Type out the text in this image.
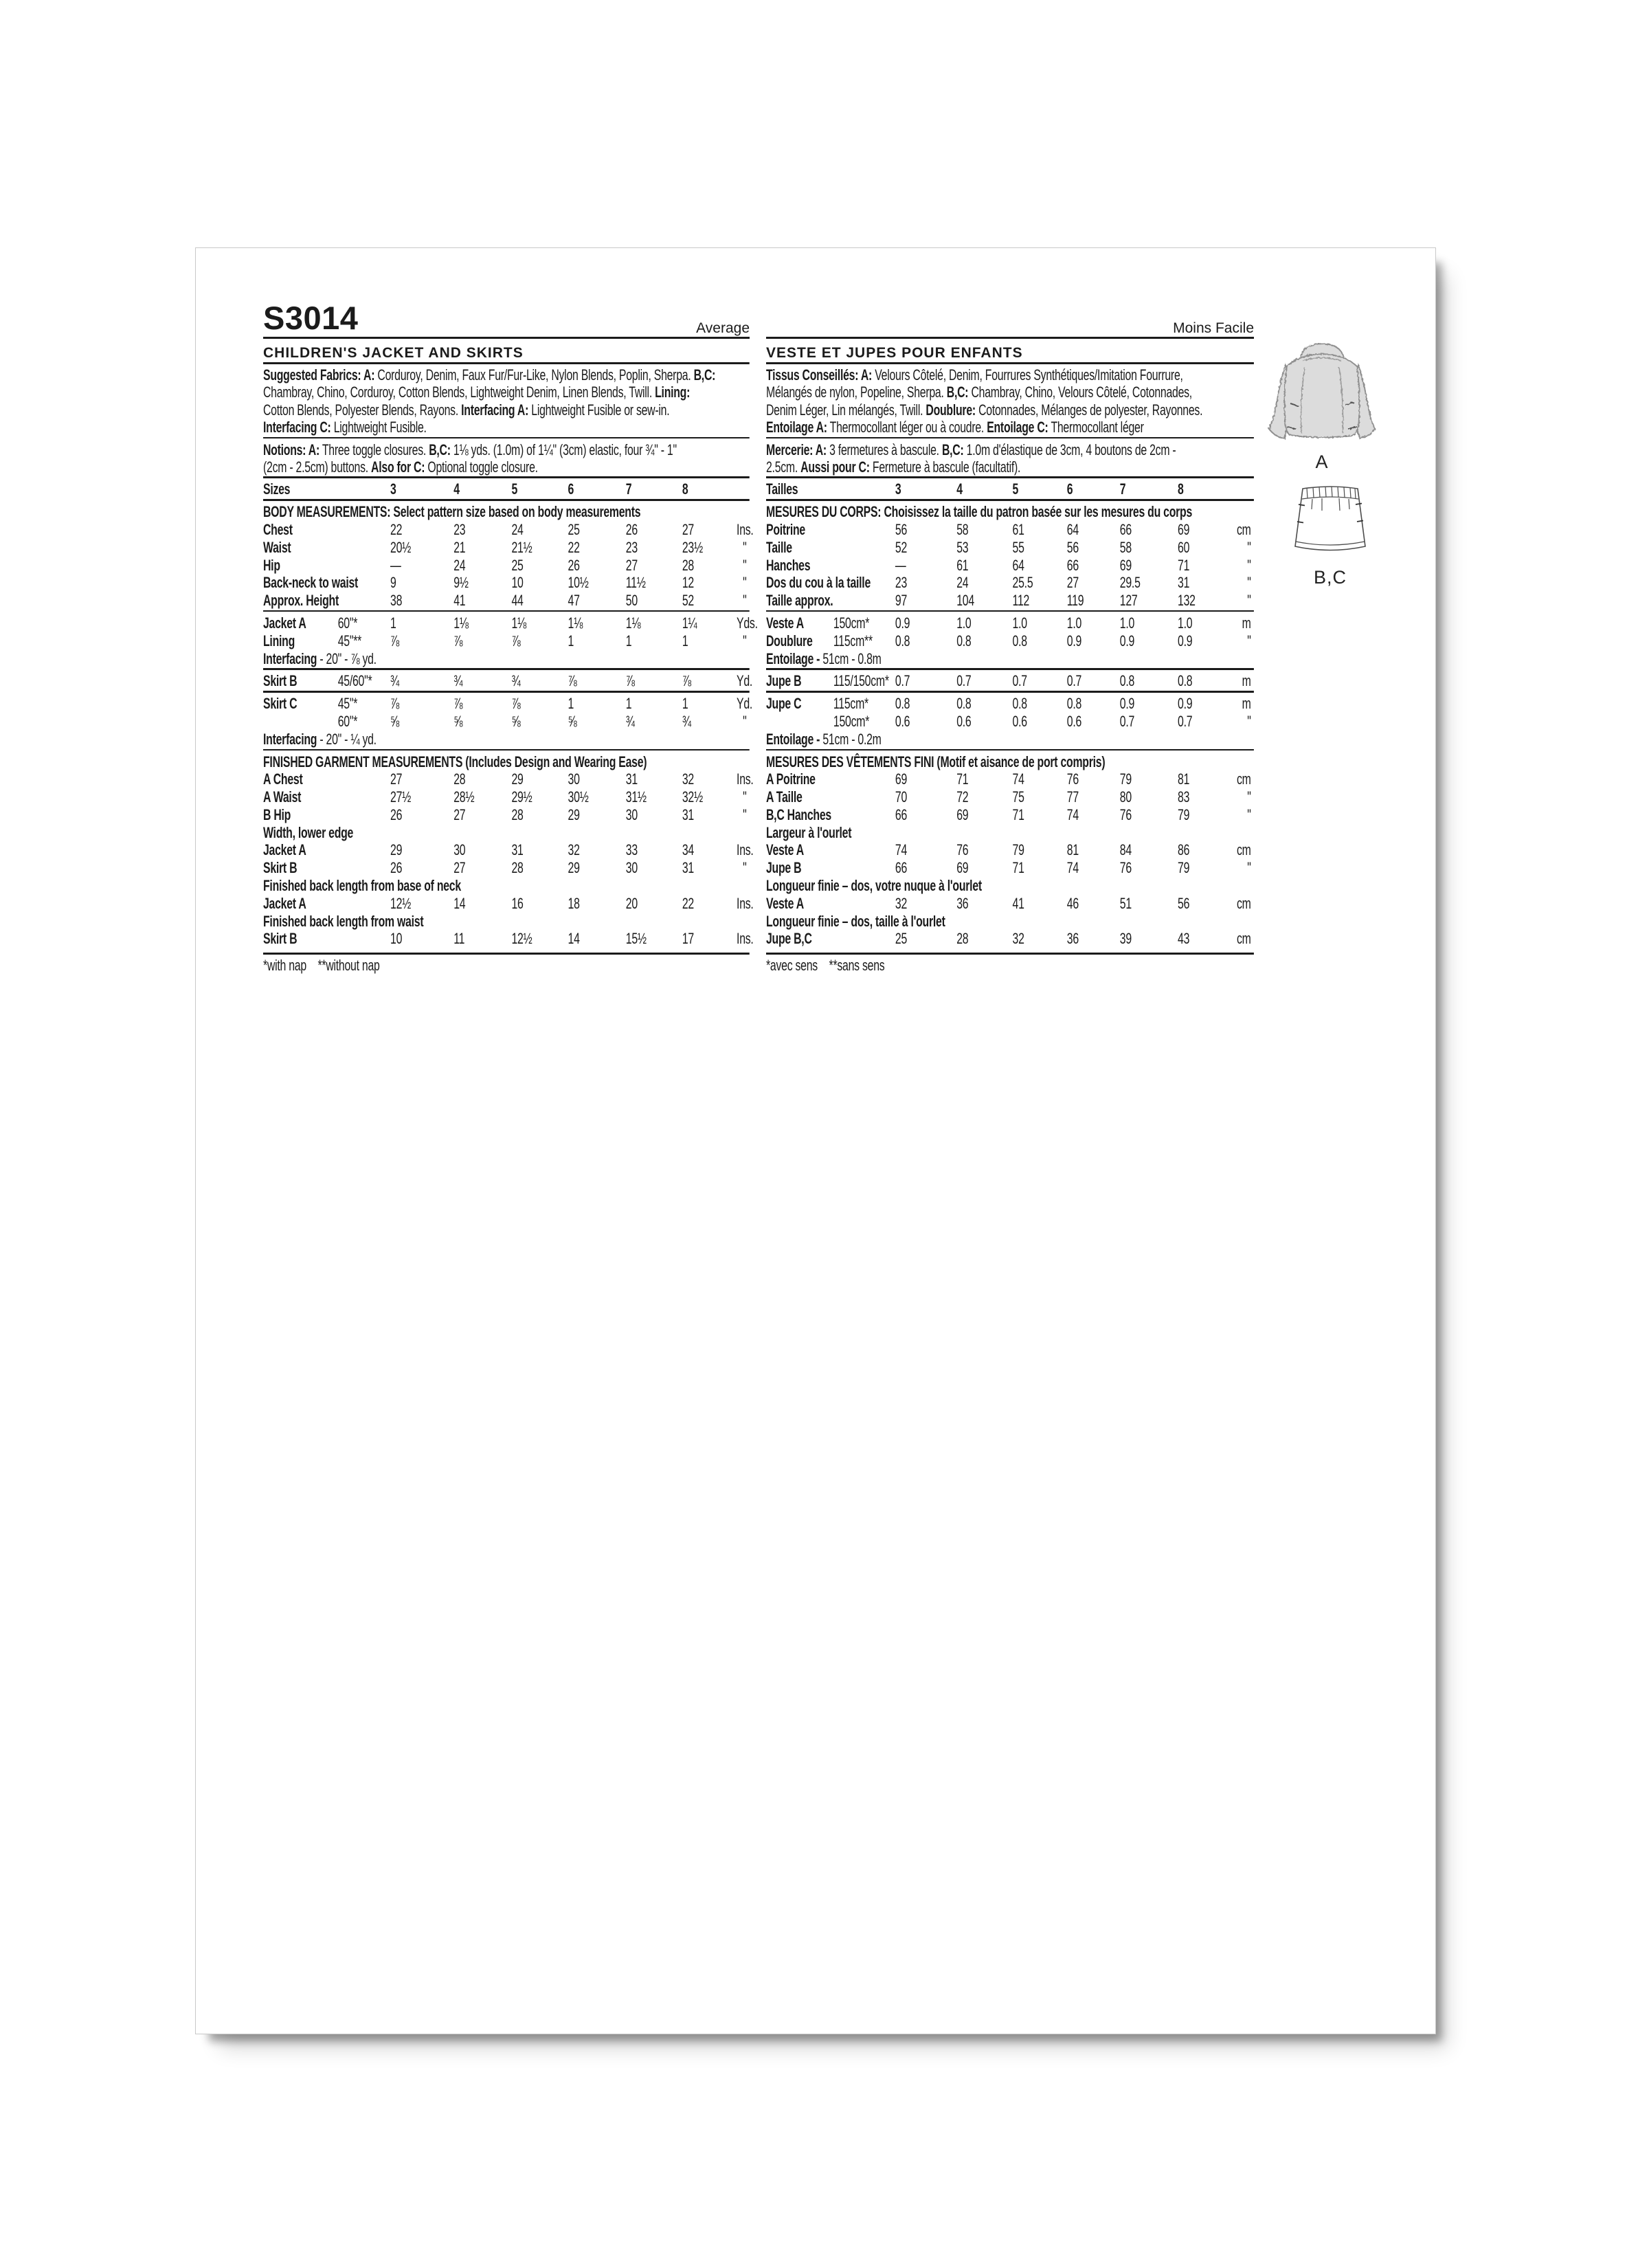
S3014	Average	Moins Facile
CHILDREN'S JACKET AND SKIRTS
Suggested Fabrics: A: Corduroy, Denim, Faux Fur/Fur-Like, Nylon Blends, Poplin, Sherpa. B,C:
Chambray, Chino, Corduroy, Cotton Blends, Lightweight Denim, Linen Blends, Twill. Lining:
Cotton Blends, Polyester Blends, Rayons. Interfacing A: Lightweight Fusible or sew-in.
Interfacing C: Lightweight Fusible.
Notions: A: Three toggle closures. B,C: 1⅛ yds. (1.0m) of 1¼" (3cm) elastic, four ¾" - 1"
(2cm - 2.5cm) buttons. Also for C: Optional toggle closure.
Sizes	3	4	5	6	7	8
BODY MEASUREMENTS: Select pattern size based on body measurements
Chest	22	23	24	25	26	27	Ins.
Waist	20½	21	21½	22	23	23½	"
Hip	—	24	25	26	27	28	"
Back-neck to waist 9	9½	10	10½	11½	12	"
Approx. Height	38	41	44	47	50	52	"
Jacket A	60"*	1	1⅛	1⅛	1⅛	1⅛	1¼	Yds.
Lining	45"**	⅞	⅞	⅞	1	1	1	"
Interfacing - 20" - ⅞ yd.
Skirt B	45/60"*	¾	¾	¾	⅞	⅞	⅞	Yd.
Skirt C	45"*	⅞	⅞	⅞	1	1	1	Yd.
60"*	⅝	⅝	⅝	⅝	¾	¾	"
Interfacing - 20" - ¼ yd.
FINISHED GARMENT MEASUREMENTS (Includes Design and Wearing Ease)
A Chest	27	28	29	30	31	32	Ins.
A Waist	27½	28½	29½	30½	31½	32½	"
B Hip	26	27	28	29	30	31	"
Width, lower edge
Jacket A	29	30	31	32	33	34	Ins.
Skirt B	26	27	28	29	30	31	"
Finished back length from base of neck
Jacket A	12½	14	16	18	20	22	Ins.
Finished back length from waist
Skirt B	10	11	12½	14	15½	17	Ins.
*with nap    **without nap
VESTE ET JUPES POUR ENFANTS
Tissus Conseillés: A: Velours Côtelé, Denim, Fourrures Synthétiques/Imitation Fourrure,
Mélangés de nylon, Popeline, Sherpa. B,C: Chambray, Chino, Velours Côtelé, Cotonnades,
Denim Léger, Lin mélangés, Twill. Doublure: Cotonnades, Mélanges de polyester, Rayonnes.
Entoilage A: Thermocollant léger ou à coudre. Entoilage C: Thermocollant léger
Mercerie: A: 3 fermetures à bascule. B,C: 1.0m d'élastique de 3cm, 4 boutons de 2cm -
2.5cm. Aussi pour C: Fermeture à bascule (facultatif).
Tailles	3	4	5	6	7	8
MESURES DU CORPS: Choisissez la taille du patron basée sur les mesures du corps
Poitrine	56	58	61	64	66	69	cm
Taille	52	53	55	56	58	60	"
Hanches	—	61	64	66	69	71	"
Dos du cou à la taille 23	24	25.5	27	29.5	31	"
Taille approx.	97	104	112	119	127	132	"
Veste A	150cm*	0.9	1.0	1.0	1.0	1.0	1.0	m
Doublure	115cm**	0.8	0.8	0.8	0.9	0.9	0.9	"
Entoilage - 51cm - 0.8m
Jupe B	115/150cm* 0.7	0.7	0.7	0.7	0.8	0.8	m
Jupe C	115cm*	0.8	0.8	0.8	0.8	0.9	0.9	m
150cm*	0.6	0.6	0.6	0.6	0.7	0.7	"
Entoilage - 51cm - 0.2m
MESURES DES VÊTEMENTS FINI (Motif et aisance de port compris)
A Poitrine	69	71	74	76	79	81	cm
A Taille	70	72	75	77	80	83	"
B,C Hanches	66	69	71	74	76	79	"
Largeur à l'ourlet
Veste A	74	76	79	81	84	86	cm
Jupe B	66	69	71	74	76	79	"
Longueur finie – dos, votre nuque à l'ourlet
Veste A	32	36	41	46	51	56	cm
Longueur finie – dos, taille à l'ourlet
Jupe B,C	25	28	32	36	39	43	cm
*avec sens    **sans sens
A
B,C
